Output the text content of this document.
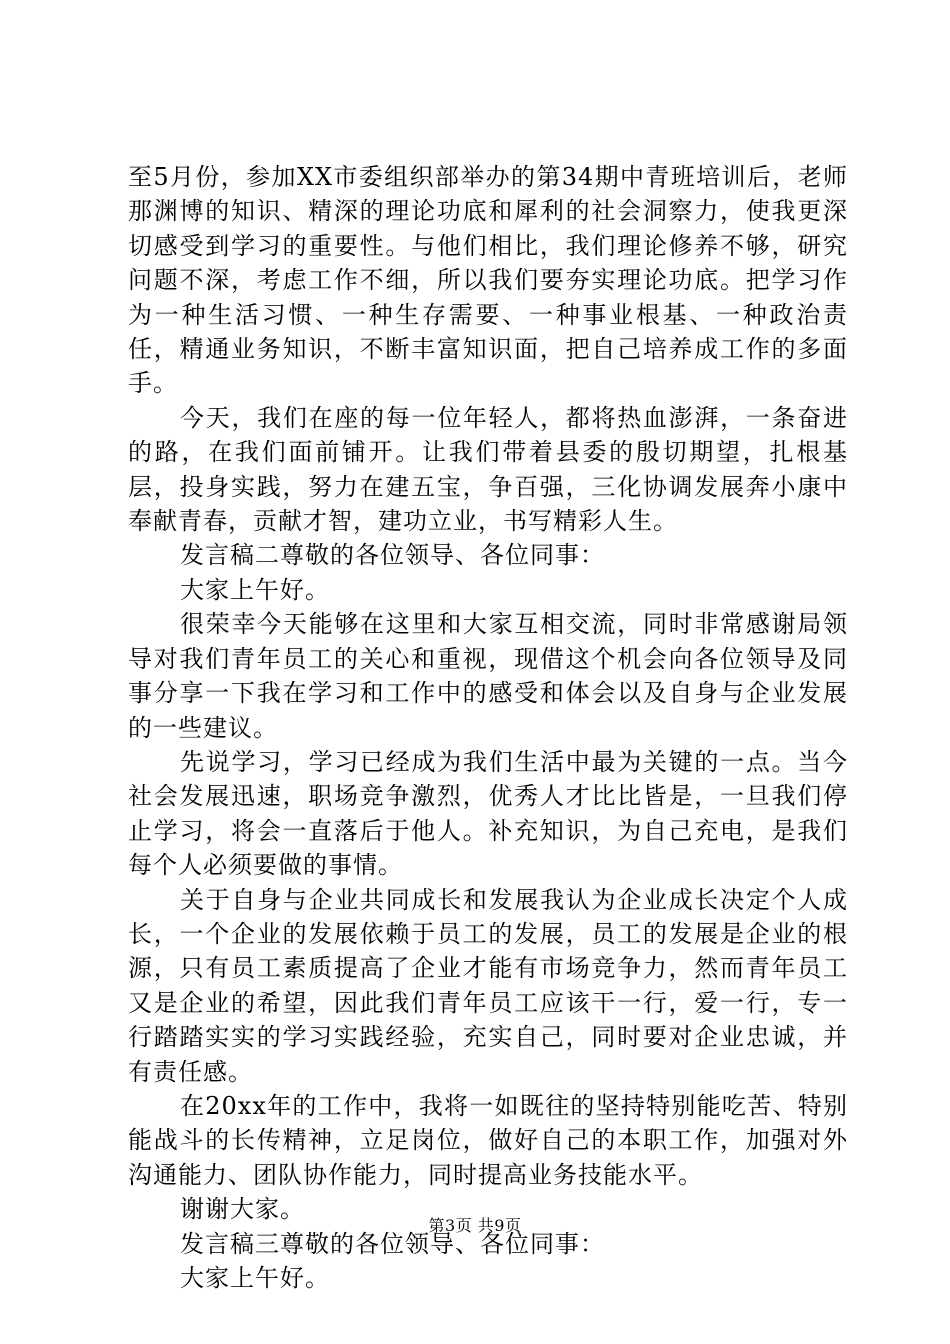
至5月份，参加XX市委组织部举办的第34期中青班培训后，老师那渊博的知识、精深的理论功底和犀利的社会洞察力，使我更深切感受到学习的重要性。与他们相比，我们理论修养不够，研究问题不深，考虑工作不细，所以我们要夯实理论功底。把学习作为一种生活习惯、一种生存需要、一种事业根基、一种政治责任，精通业务知识，不断丰富知识面，把自己培养成工作的多面手。

今天，我们在座的每一位年轻人，都将热血澎湃，一条奋进的路，在我们面前铺开。让我们带着县委的殷切期望，扎根基层，投身实践，努力在建五宝，争百强，三化协调发展奔小康中奉献青春，贡献才智，建功立业，书写精彩人生。

发言稿二尊敬的各位领导、各位同事：

大家上午好。

很荣幸今天能够在这里和大家互相交流，同时非常感谢局领导对我们青年员工的关心和重视，现借这个机会向各位领导及同事分享一下我在学习和工作中的感受和体会以及自身与企业发展的一些建议。

先说学习，学习已经成为我们生活中最为关键的一点。当今社会发展迅速，职场竞争激烈，优秀人才比比皆是，一旦我们停止学习，将会一直落后于他人。补充知识，为自己充电，是我们每个人必须要做的事情。

关于自身与企业共同成长和发展我认为企业成长决定个人成长，一个企业的发展依赖于员工的发展，员工的发展是企业的根源，只有员工素质提高了企业才能有市场竞争力，然而青年员工又是企业的希望，因此我们青年员工应该干一行，爱一行，专一行踏踏实实的学习实践经验，充实自己，同时要对企业忠诚，并有责任感。

在20xx年的工作中，我将一如既往的坚持特别能吃苦、特别能战斗的长传精神，立足岗位，做好自己的本职工作，加强对外沟通能力、团队协作能力，同时提高业务技能水平。

谢谢大家。

发言稿三尊敬的各位领导、各位同事：

大家上午好。

第3页 共9页
